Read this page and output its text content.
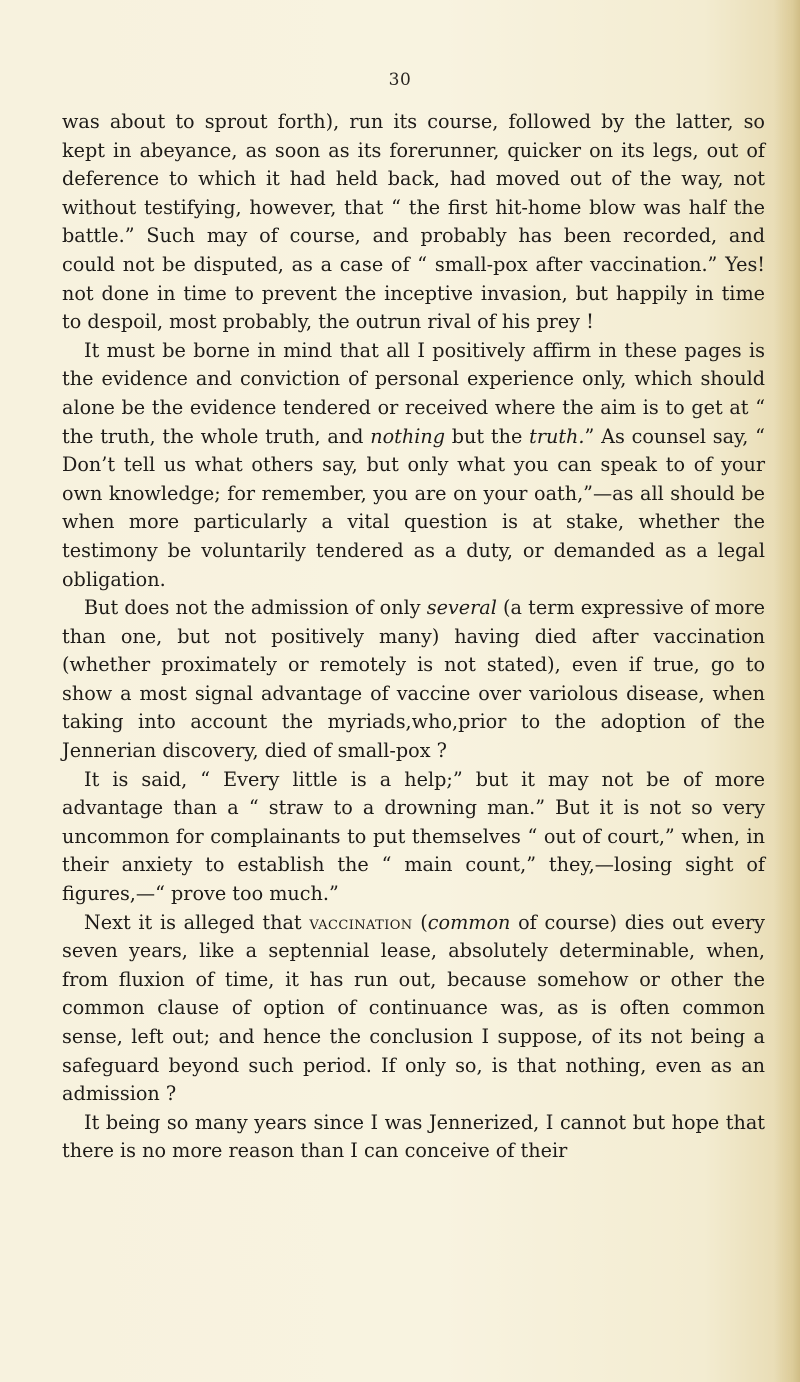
30

was about to sprout forth), run its course, followed by the latter, so kept in abeyance, as soon as its forerunner, quicker on its legs, out of deference to which it had held back, had moved out of the way, not without testifying, however, that “ the first hit-home blow was half the battle.” Such may of course, and probably has been recorded, and could not be disputed, as a case of “ small-pox after vaccination.” Yes! not done in time to prevent the inceptive invasion, but happily in time to despoil, most probably, the outrun rival of his prey !

It must be borne in mind that all I positively affirm in these pages is the evidence and conviction of personal experience only, which should alone be the evidence tendered or received where the aim is to get at “ the truth, the whole truth, and nothing but the truth.” As counsel say, “ Don’t tell us what others say, but only what you can speak to of your own knowledge; for remember, you are on your oath,”—as all should be when more particularly a vital question is at stake, whether the testimony be voluntarily tendered as a duty, or demanded as a legal obligation.

But does not the admission of only several (a term expressive of more than one, but not positively many) having died after vaccination (whether proximately or remotely is not stated), even if true, go to show a most signal advantage of vaccine over variolous disease, when taking into account the myriads,who,prior to the adoption of the Jennerian discovery, died of small-pox ?

It is said, “ Every little is a help;” but it may not be of more advantage than a “ straw to a drowning man.” But it is not so very uncommon for complainants to put themselves “ out of court,” when, in their anxiety to establish the “ main count,” they,—losing sight of figures,—“ prove too much.”

Next it is alleged that vaccination (common of course) dies out every seven years, like a septennial lease, absolutely determinable, when, from fluxion of time, it has run out, because somehow or other the common clause of option of continuance was, as is often common sense, left out; and hence the conclusion I suppose, of its not being a safeguard beyond such period. If only so, is that nothing, even as an admission ?

It being so many years since I was Jennerized, I cannot but hope that there is no more reason than I can conceive of their
